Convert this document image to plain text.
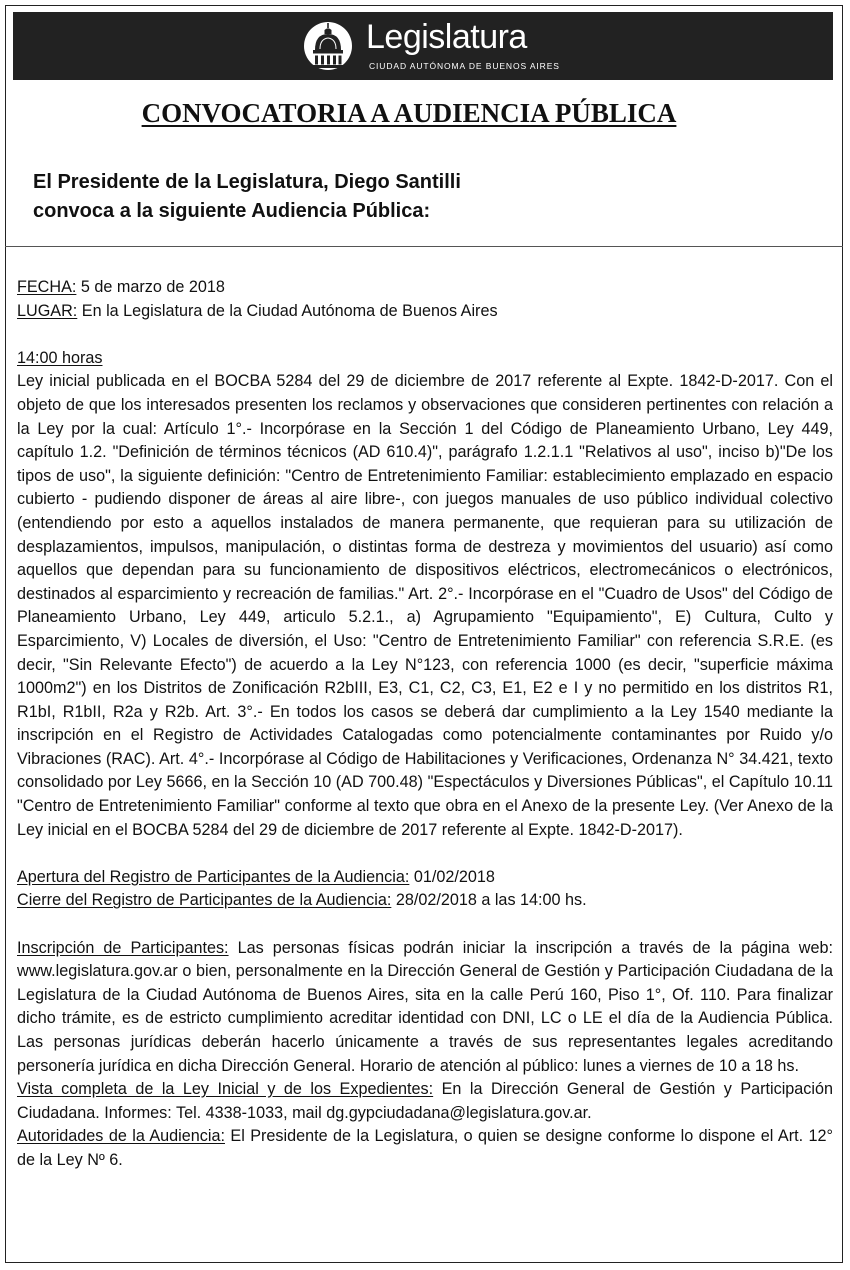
Legislatura
CIUDAD AUTÓNOMA DE BUENOS AIRES
CONVOCATORIA A AUDIENCIA PÚBLICA
El Presidente de la Legislatura, Diego Santilli
convoca a la siguiente Audiencia Pública:

FECHA: 5 de marzo de 2018

LUGAR: En la Legislatura de la Ciudad Autónoma de Buenos Aires

14:00 horas

Ley inicial publicada en el BOCBA 5284 del 29 de diciembre de 2017 referente al Expte. 1842-D-2017. Con el objeto de que los interesados presenten los reclamos y observaciones que consideren pertinentes con relación a la Ley por la cual: Artículo 1°.- Incorpórase en la Sección 1 del Código de Planeamiento Urbano, Ley 449, capítulo 1.2. "Definición de términos técnicos (AD 610.4)", parágrafo 1.2.1.1 "Relativos al uso", inciso b)"De los tipos de uso", la siguiente definición: "Centro de Entretenimiento Familiar: establecimiento emplazado en espacio cubierto - pudiendo disponer de áreas al aire libre-, con juegos manuales de uso público individual colectivo (entendiendo por esto a aquellos instalados de manera permanente, que requieran para su utilización de desplazamientos, impulsos, manipulación, o distintas forma de destreza y movimientos del usuario) así como aquellos que dependan para su funcionamiento de dispositivos eléctricos, electromecánicos o electrónicos, destinados al esparcimiento y recreación de familias." Art. 2°.- Incorpórase en el "Cuadro de Usos" del Código de Planeamiento Urbano, Ley 449, articulo 5.2.1., a) Agrupamiento "Equipamiento", E) Cultura, Culto y Esparcimiento, V) Locales de diversión, el Uso: "Centro de Entretenimiento Familiar" con referencia S.R.E. (es decir, "Sin Relevante Efecto") de acuerdo a la Ley N°123, con referencia 1000 (es decir, "superficie máxima 1000m2") en los Distritos de Zonificación R2bIII, E3, C1, C2, C3, E1, E2 e I y no permitido en los distritos R1, R1bI, R1bII, R2a y R2b. Art. 3°.- En todos los casos se deberá dar cumplimiento a la Ley 1540 mediante la inscripción en el Registro de Actividades Catalogadas como potencialmente contaminantes por Ruido y/o Vibraciones (RAC). Art. 4°.- Incorpórase al Código de Habilitaciones y Verificaciones, Ordenanza N° 34.421, texto consolidado por Ley 5666, en la Sección 10 (AD 700.48) "Espectáculos y Diversiones Públicas", el Capítulo 10.11 "Centro de Entretenimiento Familiar" conforme al texto que obra en el Anexo de la presente Ley. (Ver Anexo de la Ley inicial en el BOCBA 5284 del 29 de diciembre de 2017 referente al Expte. 1842-D-2017).

Apertura del Registro de Participantes de la Audiencia: 01/02/2018

Cierre del Registro de Participantes de la Audiencia: 28/02/2018 a las 14:00 hs.

Inscripción de Participantes: Las personas físicas podrán iniciar la inscripción a través de la página web: www.legislatura.gov.ar o bien, personalmente en la Dirección General de Gestión y Participación Ciudadana de la Legislatura de la Ciudad Autónoma de Buenos Aires, sita en la calle Perú 160, Piso 1°, Of. 110. Para finalizar dicho trámite, es de estricto cumplimiento acreditar identidad con DNI, LC o LE el día de la Audiencia Pública. Las personas jurídicas deberán hacerlo únicamente a través de sus representantes legales acreditando personería jurídica en dicha Dirección General. Horario de atención al público: lunes a viernes de 10 a 18 hs.

Vista completa de la Ley Inicial y de los Expedientes: En la Dirección General de Gestión y Participación Ciudadana. Informes: Tel. 4338-1033, mail dg.gypciudadana@legislatura.gov.ar.

Autoridades de la Audiencia: El Presidente de la Legislatura, o quien se designe conforme lo dispone el Art. 12° de la Ley Nº 6.
